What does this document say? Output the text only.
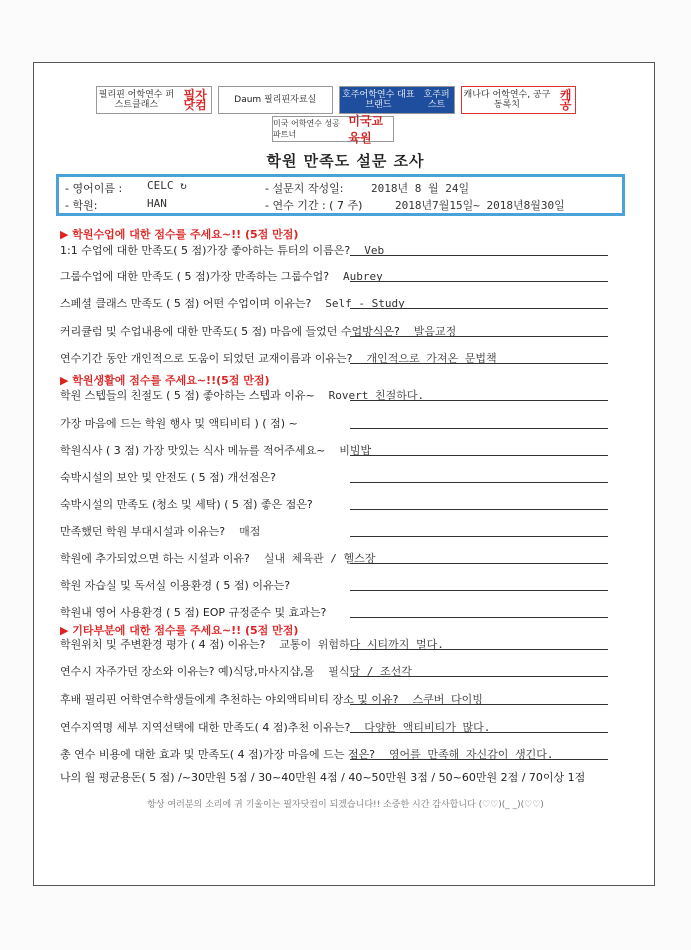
필리핀 어학연수 퍼스트클래스
필자닷컴	Daum 필리핀자료실	호주어학연수 대표브랜드

호주퍼스트
캐나다 어학연수, 공구동록치
캐공
미국 어학연수 성공파트너
미국교육원
학원 만족도 설문 조사
- 영어이름 : CELC ↻
- 학원:	HAN
- 설문지 작성일:	2018년 8 월 24일
- 연수 기간 : ( 7 주)	2018년7월15일~ 2018년8월30일
▶ 학원수업에 대한 점수를 주세요~!! (5점 만점)
▶ 학원생활에 점수를 주세요~!!(5점 만점)
▶ 기타부분에 대한 점수를 주세요~!! (5점 만점)
1:1 수업에 대한 만족도( 5 점)가장 좋아하는 튜터의 이름은? Veb
그룹수업에 대한 만족도 ( 5 점)가장 만족하는 그룹수업? Aubrey
스페셜 클래스 만족도 ( 5 점) 어떤 수업이며 이유는? Self - Study
커리큘럼 및 수업내용에 대한 만족도( 5 점) 마음에 들었던 수업방식은? 발음교정
연수기간 동안 개인적으로 도움이 되었던 교재이름과 이유는? 개인적으로 가져온 문법책
학원 스텝들의 친절도 ( 5 점) 좋아하는 스텝과 이유~ Rovert 친절하다.
가장 마음에 드는 학원 행사 및 액티비티 ) ( 점) ~
학원식사 ( 3 점) 가장 맛있는 식사 메뉴를 적어주세요~ 비빔밥
숙박시설의 보안 및 안전도 ( 5 점) 개선점은?
숙박시설의 만족도 (청소 및 세탁) ( 5 점) 좋은 점은?
만족했던 학원 부대시설과 이유는? 매점
학원에 추가되었으면 하는 시설과 이유? 실내 체육관 / 헬스장
학원 자습실 및 독서실 이용환경 ( 5 점) 이유는?
학원내 영어 사용환경 ( 5 점) EOP 규정준수 및 효과는?
학원위치 및 주변환경 평가 ( 4 점) 이유는? 교통이 위험하다 시티까지 멀다.
연수시 자주가던 장소와 이유는? 예)식당,마사지샵,몰 필식당 / 조선각
후배 필리핀 어학연수학생들에게 추천하는 야외액티비티 장소 및 이유? 스쿠버 다이빙
연수지역명 세부 지역선택에 대한 만족도( 4 점)추천 이유는? 다양한 액티비티가 많다.
총 연수 비용에 대한 효과 및 만족도( 4 점)가장 마음에 드는 점은? 영어를 만족해 자신감이 생긴다.
나의 월 평균용돈( 5 점) /~30만원 5점 / 30~40만원 4점 / 40~50만원 3점 / 50~60만원 2점 / 70이상 1점
항상 여러분의 소리에 귀 기울이는 필자닷컴이 되겠습니다!! 소중한 시간 감사합니다 (♡♡)(_ _)(♡♡)
